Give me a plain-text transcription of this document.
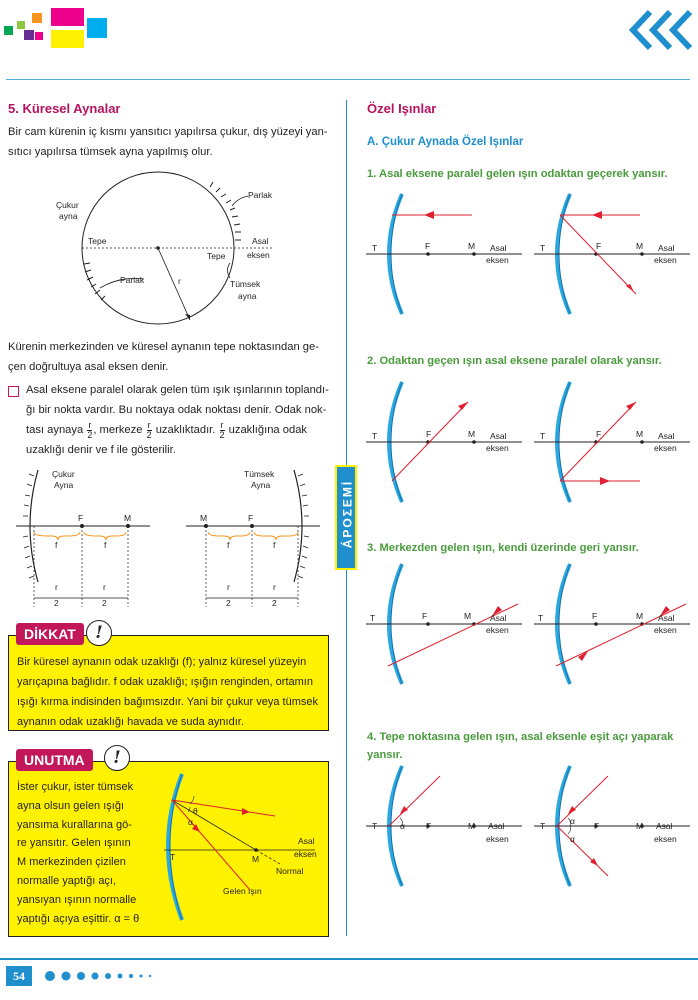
5. Küresel Aynalar
Bir cam kürenin iç kısmı yansıtıcı yapılırsa çukur, dış yüzeyi yan-
sıtıcı yapılırsa tümsek ayna yapılmış olur.
Çukur
ayna
Parlak
Tepe	Asal
eksen
Tepe
Parlak	r	Tümsek
ayna
Kürenin merkezinden ve küresel aynanın tepe noktasından ge-
çen doğrultuya asal eksen denir.
Asal eksene paralel olarak gelen tüm ışık ışınlarının toplandı-
ğı bir nokta vardır. Bu noktaya odak noktası denir. Odak nok-
tası aynaya $\frac{r}{2}$ , merkeze $\frac{r}{2}$ uzaklıktadır. $\frac{r}{2}$ uzaklığına odak
uzaklığı denir ve f ile gösterilir.
Çukur
Ayna
F	M
f	f
r
2
r
2
Tümsek
Ayna
M	F
f	f
r
2
r
2
DİKKAT	!
Bir küresel aynanın odak uzaklığı (f); yalnız küresel yüzeyin
yarıçapına bağlıdır. f odak uzaklığı; ışığın renginden, ortamın
ışığı kırma indisinden bağımsızdır. Yani bir çukur veya tümsek
aynanın odak uzaklığı havada ve suda aynıdır.
UNUTMA	!
İster çukur, ister tümsek
ayna olsun gelen ışığı
yansıma kurallarına gö-
re yansıtır. Gelen ışının
M merkezinden çizilen
normalle yaptığı açı,
yansıyan ışının normalle
yaptığı açıya eşittir. α = θ
T	M
θ
α
Asal
eksen
Normal
Gelen ışın
ÁPOΣEMİ
Özel Işınlar
A. Çukur Aynada Özel Işınlar
1. Asal eksene paralel gelen ışın odaktan geçerek yansır.
2. Odaktan geçen ışın asal eksene paralel olarak yansır.
3. Merkezden gelen ışın, kendi üzerinde geri yansır.
4. Tepe noktasına gelen ışın, asal eksenle eşit açı yaparak
yansır.
T	F	M Asal
eksen
T	F	M Asal
eksen
T	F	M Asal
eksen
T	F	M Asal
eksen
T	F	M Asal
eksen
T	F	M Asal
eksen
T	α F	M Asal
eksen
T	α
α
F	M Asal
eksen
54
